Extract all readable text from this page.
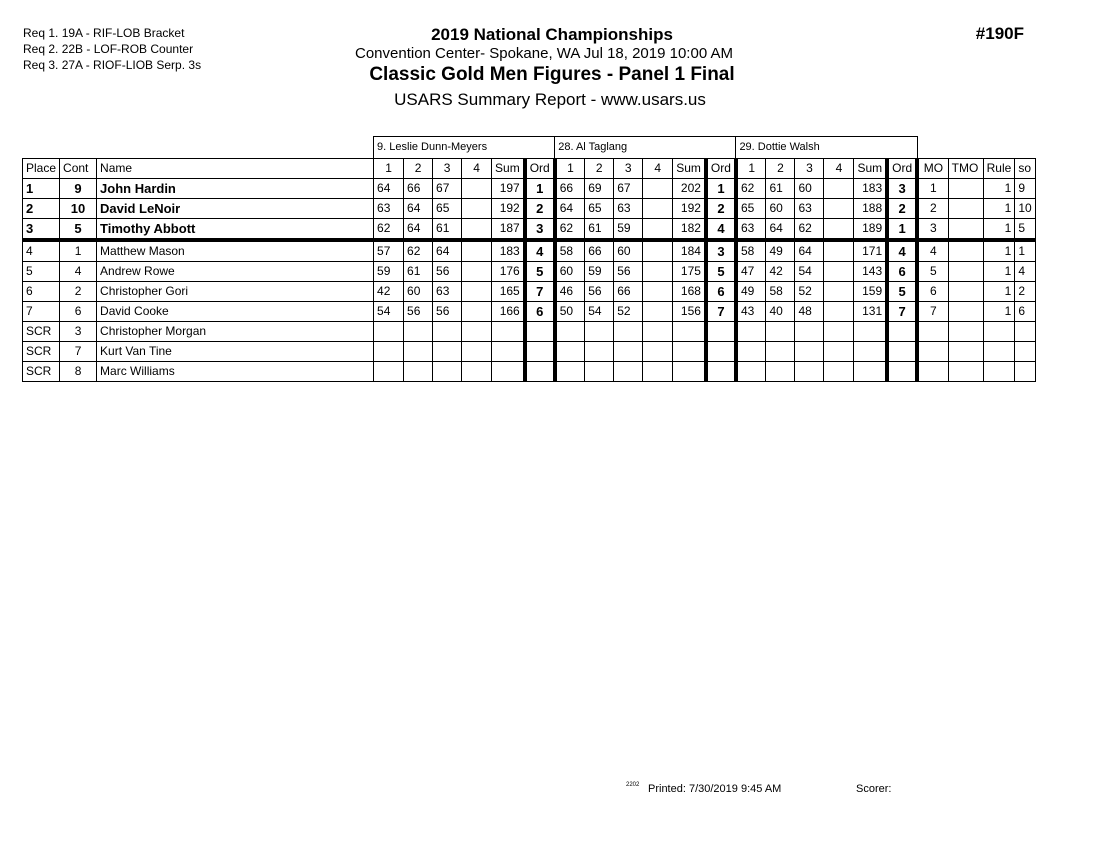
Req 1. 19A - RIF-LOB Bracket
Req 2. 22B - LOF-ROB Counter
Req 3. 27A - RIOF-LIOB Serp. 3s
2019 National Championships
Convention Center- Spokane, WA Jul 18, 2019 10:00 AM
Classic Gold Men Figures - Panel 1 Final
USARS Summary Report - www.usars.us
#190F
			9. Leslie Dunn-Meyers						28. Al Taglang						29. Dottie Walsh									
Place	Cont	Name	1	2	3	4	Sum	Ord	1	2	3	4	Sum	Ord	1	2	3	4	Sum	Ord	MO	TMO	Rule	so
1	9	John Hardin	64	66	67		197	1	66	69	67		202	1	62	61	60		183	3	1		1	9
2	10	David LeNoir	63	64	65		192	2	64	65	63		192	2	65	60	63		188	2	2		1	10
3	5	Timothy Abbott	62	64	61		187	3	62	61	59		182	4	63	64	62		189	1	3		1	5
4	1	Matthew Mason	57	62	64		183	4	58	66	60		184	3	58	49	64		171	4	4		1	1
5	4	Andrew Rowe	59	61	56		176	5	60	59	56		175	5	47	42	54		143	6	5		1	4
6	2	Christopher Gori	42	60	63		165	7	46	56	66		168	6	49	58	52		159	5	6		1	2
7	6	David Cooke	54	56	56		166	6	50	54	52		156	7	43	40	48		131	7	7		1	6
SCR	3	Christopher Morgan																						
SCR	7	Kurt Van Tine																						
SCR	8	Marc Williams																						
2202 Printed: 7/30/2019 9:45 AM	Scorer:
